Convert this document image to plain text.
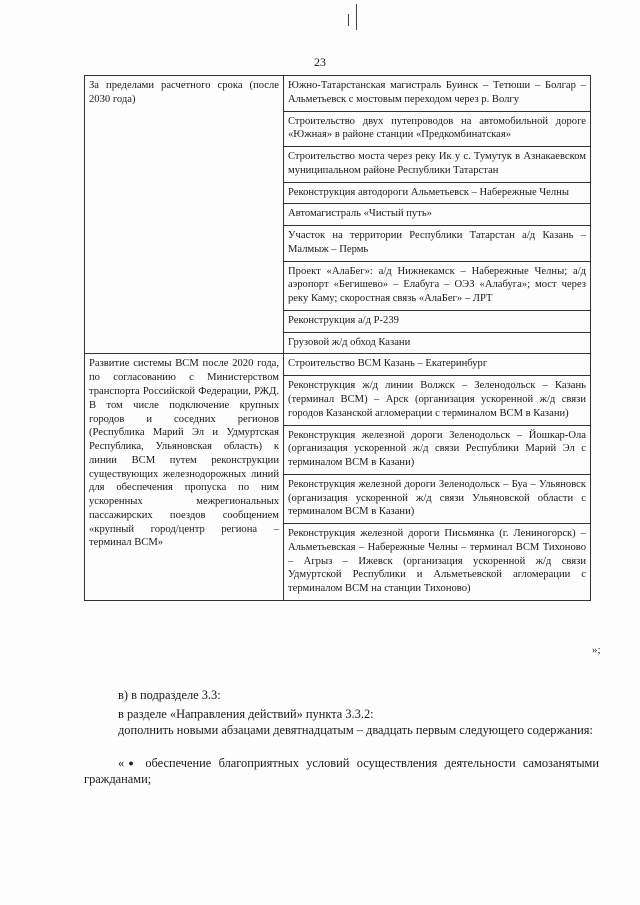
23
За пределами расчетного срока (после 2030 года)	Южно-Татарстанская магистраль Буинск – Тетюши – Болгар – Альметьевск с мостовым переходом через р. Волгу
	Строительство двух путепроводов на автомобильной дороге «Южная» в районе станции «Предкомбинатская»
	Строительство моста через реку Ик у с. Тумутук в Азнакаевском муниципальном районе Республики Татарстан
	Реконструкция автодороги Альметьевск – Набережные Челны
	Автомагистраль «Чистый путь»
	Участок на территории Республики Татарстан а/д Казань – Малмыж – Пермь
	Проект «АлаБег»: а/д Нижнекамск – Набережные Челны; а/д аэропорт «Бегишево» – Елабуга – ОЭЗ «Алабуга»; мост через реку Каму; скоростная связь «АлаБег» – ЛРТ
	Реконструкция а/д Р-239
	Грузовой ж/д обход Казани
Развитие системы ВСМ после 2020 года, по согласованию с Министерством транспорта Российской Федерации, РЖД. В том числе подключение крупных городов и соседних регионов (Республика Марий Эл и Удмуртская Республика, Ульяновская область) к линии ВСМ путем реконструкции существующих железнодорожных линий для обеспечения пропуска по ним ускоренных межрегиональных пассажирских поездов сообщением «крупный город/центр региона – терминал ВСМ»	Строительство ВСМ Казань – Екатеринбург
	Реконструкция ж/д линии Волжск – Зеленодольск – Казань (терминал ВСМ) – Арск (организация ускоренной ж/д связи городов Казанской агломерации с терминалом ВСМ в Казани)
	Реконструкция железной дороги Зеленодольск – Йошкар-Ола (организация ускоренной ж/д связи Республики Марий Эл с терминалом ВСМ в Казани)
	Реконструкция железной дороги Зеленодольск – Буа – Ульяновск (организация ускоренной ж/д связи Ульяновской области с терминалом ВСМ в Казани)
	Реконструкция железной дороги Письмянка (г. Лениногорск) – Альметьевская – Набережные Челны – терминал ВСМ Тихоново – Агрыз – Ижевск (организация ускоренной ж/д связи Удмуртской Республики и Альметьевской агломерации с терминалом ВСМ на станции Тихоново)
»;
в) в подразделе 3.3:
в разделе «Направления действий» пункта 3.3.2:
дополнить новыми абзацами девятнадцатым – двадцать первым следующего содержания:
«● обеспечение благоприятных условий осуществления деятельности самозанятыми гражданами;
